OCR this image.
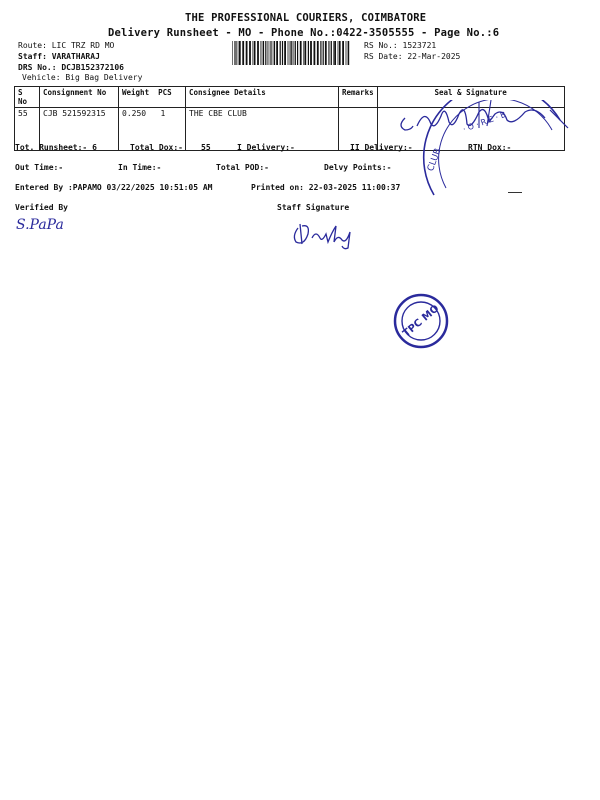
THE PROFESSIONAL COURIERS, COIMBATORE
Delivery Runsheet - MO - Phone No.:0422-3505555 - Page No.:6
Route: LIC TRZ RD MO
Staff: VARATHARAJ
DRS No.: DCJB152372106
Vehicle: Big Bag Delivery
RS No.: 1523721
RS Date: 22-Mar-2025
S No	Consignment No	Weight PCS	Consignee Details	Remarks	Seal & Signature
55	CJB 521592315	0.250 1	THE CBE CLUB		
CLUB
· O · R E · B
Tot. Runsheet:- 6	Total Dox:- 55	I Delivery:-	II Delivery:-	RTN Dox:-
Out Time:-	In Time:-	Total POD:-	Delvy Points:-
Entered By :PAPAMO 03/22/2025 10:51:05 AM	Printed on: 22-03-2025 11:00:37
Verified By	Staff Signature
S.PaPa
TPC MO
